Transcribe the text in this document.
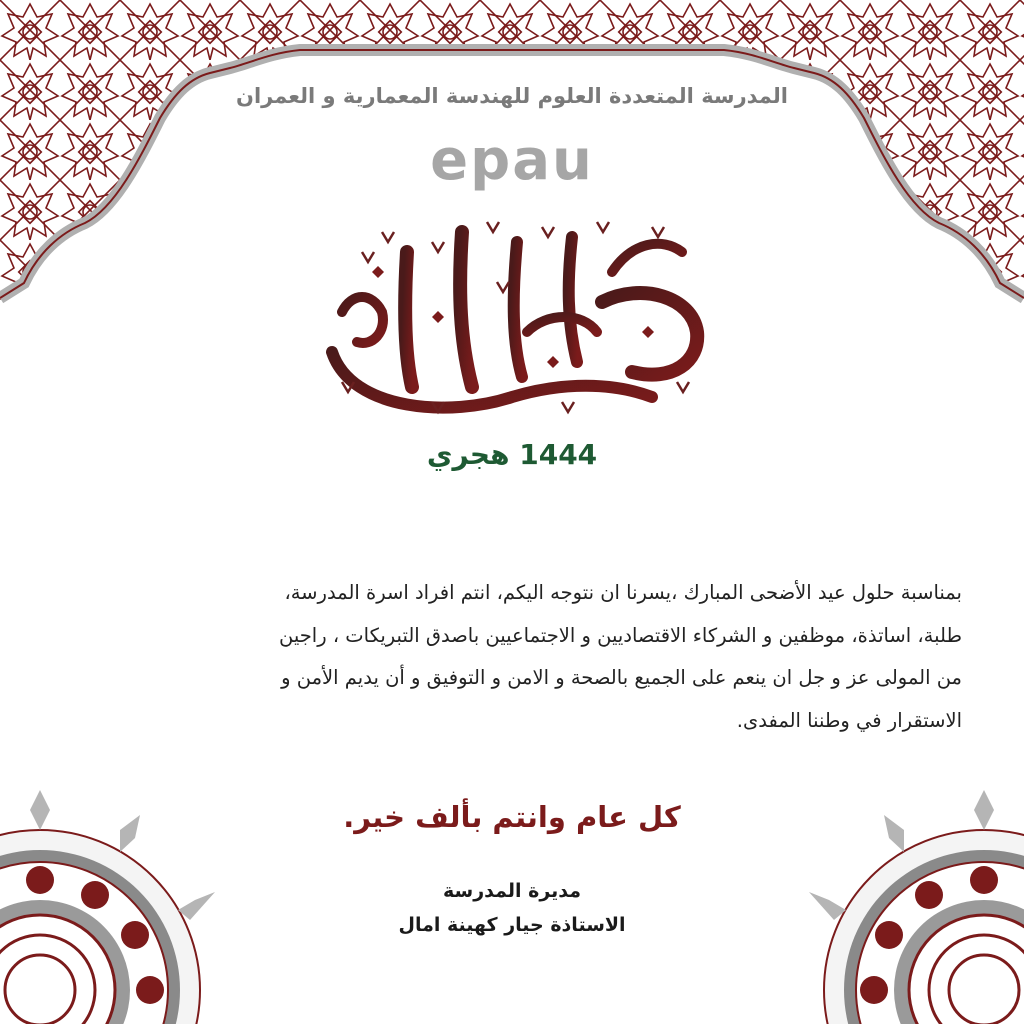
المدرسة المتعددة العلوم للهندسة المعمارية و العمران
epau
1444 هجري
بمناسبة حلول عيد الأضحى المبارك ،يسرنا ان نتوجه اليكم، انتم افراد اسرة المدرسة،
طلبة، اساتذة، موظفين و الشركاء الاقتصاديين و الاجتماعيين باصدق التبريكات ، راجين
من المولى عز و جل ان ينعم على الجميع بالصحة و الامن و التوفيق و أن يديم الأمن و
الاستقرار في وطننا المفدى.
كل عام وانتم بألف خير.
مديرة المدرسة
الاستاذة جيار كهينة امال
